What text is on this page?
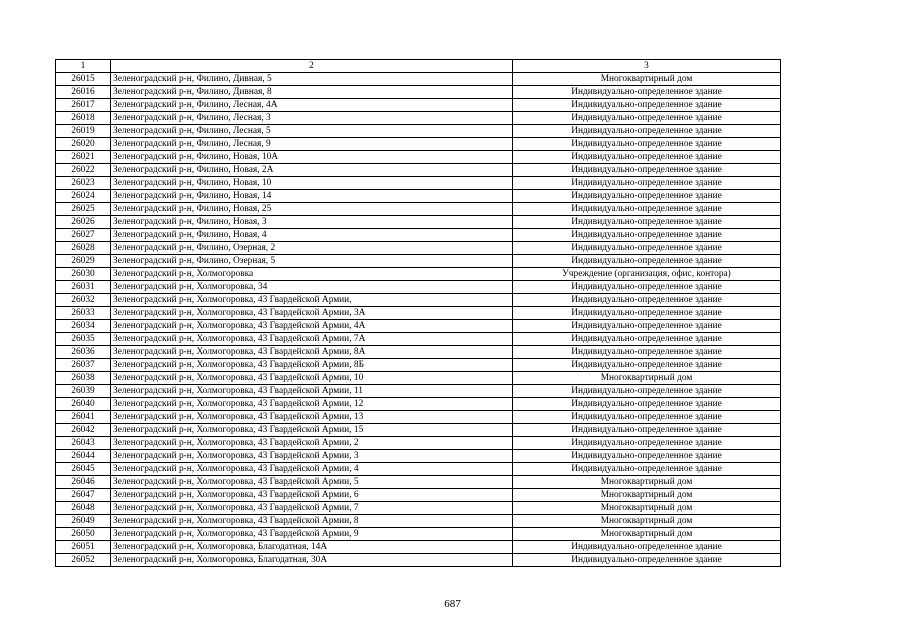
1	2	3
26015	Зеленоградский р-н, Филино, Дивная, 5	Многоквартирный дом
26016	Зеленоградский р-н, Филино, Дивная, 8	Индивидуально-определенное здание
26017	Зеленоградский р-н, Филино, Лесная, 4А	Индивидуально-определенное здание
26018	Зеленоградский р-н, Филино, Лесная, 3	Индивидуально-определенное здание
26019	Зеленоградский р-н, Филино, Лесная, 5	Индивидуально-определенное здание
26020	Зеленоградский р-н, Филино, Лесная, 9	Индивидуально-определенное здание
26021	Зеленоградский р-н, Филино, Новая, 10А	Индивидуально-определенное здание
26022	Зеленоградский р-н, Филино, Новая, 2А	Индивидуально-определенное здание
26023	Зеленоградский р-н, Филино, Новая, 10	Индивидуально-определенное здание
26024	Зеленоградский р-н, Филино, Новая, 14	Индивидуально-определенное здание
26025	Зеленоградский р-н, Филино, Новая, 25	Индивидуально-определенное здание
26026	Зеленоградский р-н, Филино, Новая, 3	Индивидуально-определенное здание
26027	Зеленоградский р-н, Филино, Новая, 4	Индивидуально-определенное здание
26028	Зеленоградский р-н, Филино, Озерная, 2	Индивидуально-определенное здание
26029	Зеленоградский р-н, Филино, Озерная, 5	Индивидуально-определенное здание
26030	Зеленоградский р-н, Холмогоровка	Учреждение (организация, офис, контора)
26031	Зеленоградский р-н, Холмогоровка, 34	Индивидуально-определенное здание
26032	Зеленоградский р-н, Холмогоровка, 43 Гвардейской Армии,	Индивидуально-определенное здание
26033	Зеленоградский р-н, Холмогоровка, 43 Гвардейской Армии, 3А	Индивидуально-определенное здание
26034	Зеленоградский р-н, Холмогоровка, 43 Гвардейской Армии, 4А	Индивидуально-определенное здание
26035	Зеленоградский р-н, Холмогоровка, 43 Гвардейской Армии, 7А	Индивидуально-определенное здание
26036	Зеленоградский р-н, Холмогоровка, 43 Гвардейской Армии, 8А	Индивидуально-определенное здание
26037	Зеленоградский р-н, Холмогоровка, 43 Гвардейской Армии, 8Б	Индивидуально-определенное здание
26038	Зеленоградский р-н, Холмогоровка, 43 Гвардейской Армии, 10	Многоквартирный дом
26039	Зеленоградский р-н, Холмогоровка, 43 Гвардейской Армии, 11	Индивидуально-определенное здание
26040	Зеленоградский р-н, Холмогоровка, 43 Гвардейской Армии, 12	Индивидуально-определенное здание
26041	Зеленоградский р-н, Холмогоровка, 43 Гвардейской Армии, 13	Индивидуально-определенное здание
26042	Зеленоградский р-н, Холмогоровка, 43 Гвардейской Армии, 15	Индивидуально-определенное здание
26043	Зеленоградский р-н, Холмогоровка, 43 Гвардейской Армии, 2	Индивидуально-определенное здание
26044	Зеленоградский р-н, Холмогоровка, 43 Гвардейской Армии, 3	Индивидуально-определенное здание
26045	Зеленоградский р-н, Холмогоровка, 43 Гвардейской Армии, 4	Индивидуально-определенное здание
26046	Зеленоградский р-н, Холмогоровка, 43 Гвардейской Армии, 5	Многоквартирный дом
26047	Зеленоградский р-н, Холмогоровка, 43 Гвардейской Армии, 6	Многоквартирный дом
26048	Зеленоградский р-н, Холмогоровка, 43 Гвардейской Армии, 7	Многоквартирный дом
26049	Зеленоградский р-н, Холмогоровка, 43 Гвардейской Армии, 8	Многоквартирный дом
26050	Зеленоградский р-н, Холмогоровка, 43 Гвардейской Армии, 9	Многоквартирный дом
26051	Зеленоградский р-н, Холмогоровка, Благодатная, 14А	Индивидуально-определенное здание
26052	Зеленоградский р-н, Холмогоровка, Благодатная, 30А	Индивидуально-определенное здание
687
